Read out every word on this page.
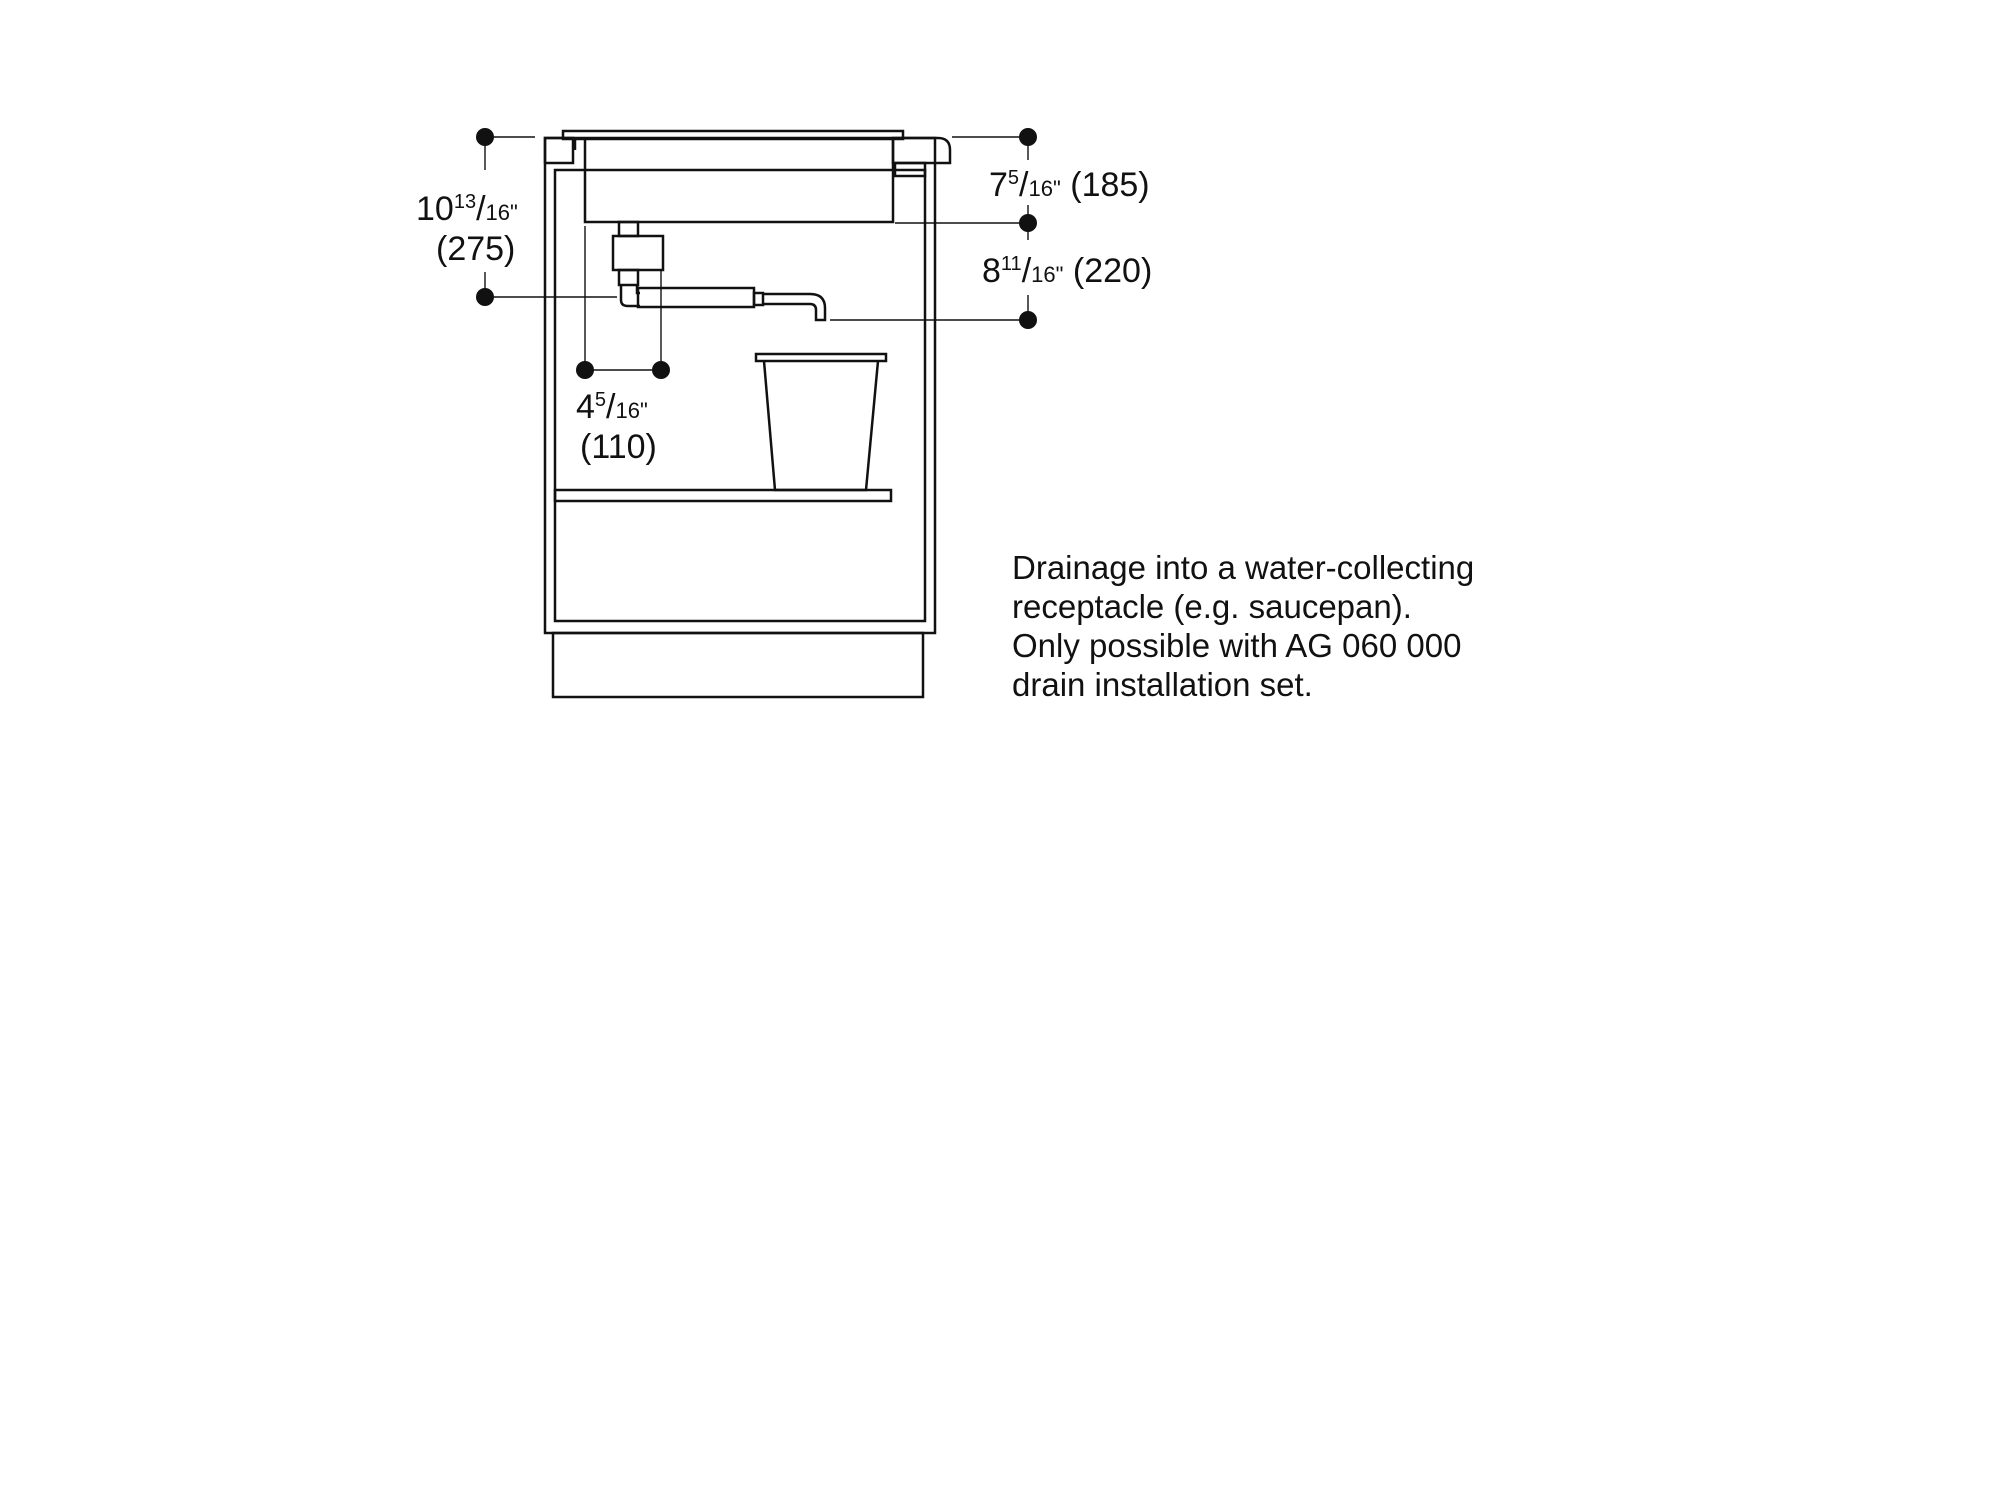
$10^{13}/16$"
(275)
$7^5/16$" (185)
$8^{11}/16$" (220)
$4^5/16$"
(110)
Drainage into a water-collecting
receptacle (e.g. saucepan).
Only possible with AG 060 000
drain installation set.
